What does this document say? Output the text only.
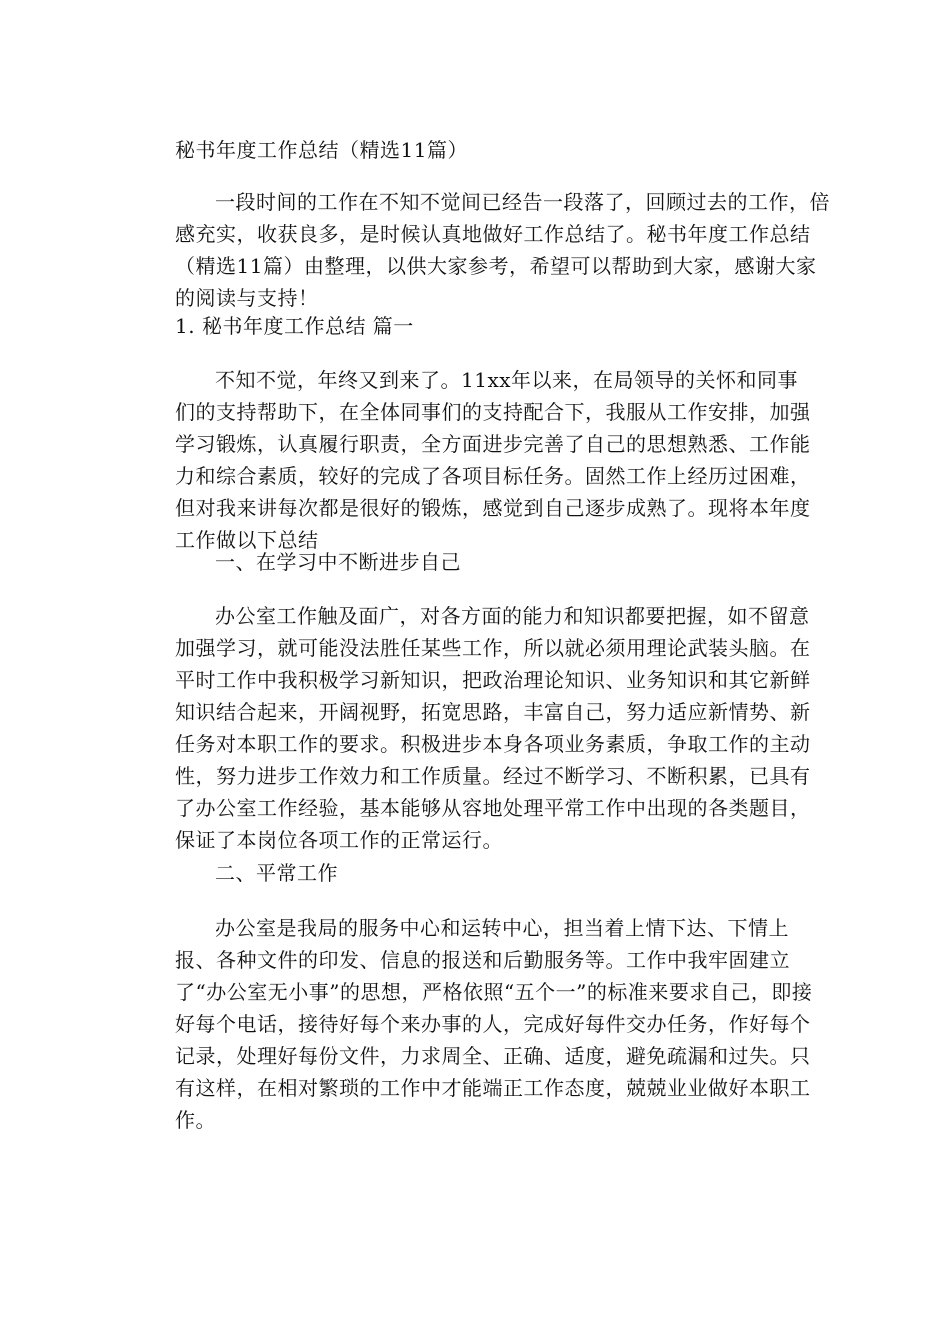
秘书年度工作总结（精选11篇）

一段时间的工作在不知不觉间已经告一段落了，回顾过去的工作，倍感充实，收获良多，是时候认真地做好工作总结了。秘书年度工作总结（精选11篇）由整理，以供大家参考，希望可以帮助到大家，感谢大家的阅读与支持！

1. 秘书年度工作总结 篇一

不知不觉，年终又到来了。11xx年以来，在局领导的关怀和同事们的支持帮助下，在全体同事们的支持配合下，我服从工作安排，加强学习锻炼，认真履行职责，全方面进步完善了自己的思想熟悉、工作能力和综合素质，较好的完成了各项目标任务。固然工作上经历过困难，但对我来讲每次都是很好的锻炼，感觉到自己逐步成熟了。现将本年度工作做以下总结

一、在学习中不断进步自己

办公室工作触及面广，对各方面的能力和知识都要把握，如不留意加强学习，就可能没法胜任某些工作，所以就必须用理论武装头脑。在平时工作中我积极学习新知识，把政治理论知识、业务知识和其它新鲜知识结合起来，开阔视野，拓宽思路，丰富自己，努力适应新情势、新任务对本职工作的要求。积极进步本身各项业务素质，争取工作的主动性，努力进步工作效力和工作质量。经过不断学习、不断积累，已具有了办公室工作经验，基本能够从容地处理平常工作中出现的各类题目，保证了本岗位各项工作的正常运行。

二、平常工作

办公室是我局的服务中心和运转中心，担当着上情下达、下情上报、各种文件的印发、信息的报送和后勤服务等。工作中我牢固建立了“办公室无小事”的思想，严格依照“五个一”的标准来要求自己，即接好每个电话，接待好每个来办事的人，完成好每件交办任务，作好每个记录，处理好每份文件，力求周全、正确、适度，避免疏漏和过失。只有这样，在相对繁琐的工作中才能端正工作态度，兢兢业业做好本职工作。
